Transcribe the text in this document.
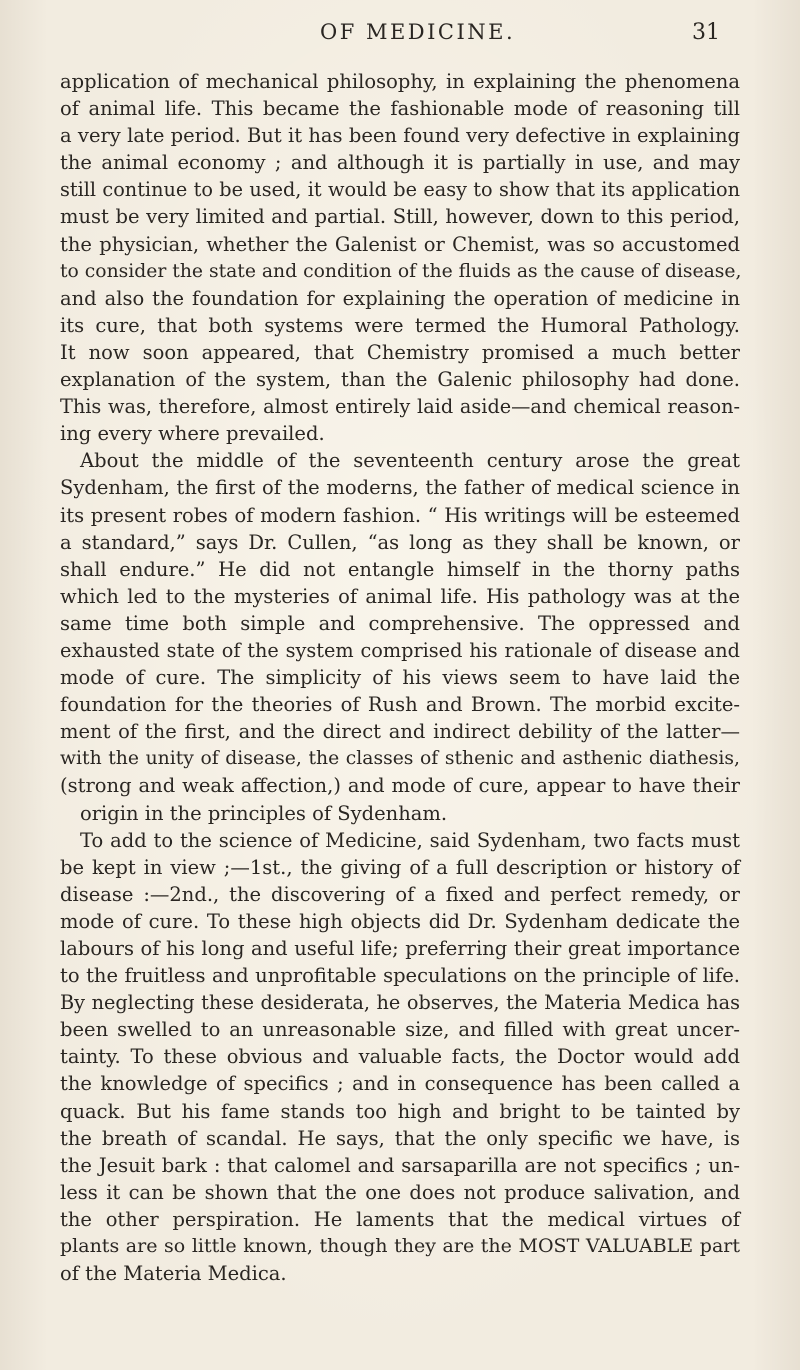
OF MEDICINE.	31

application of mechanical philosophy, in explaining the phenomena
of animal life. This became the fashionable mode of reasoning till
a very late period. But it has been found very defective in explaining
the animal economy ; and although it is partially in use, and may
still continue to be used, it would be easy to show that its application
must be very limited and partial. Still, however, down to this period,
the physician, whether the Galenist or Chemist, was so accustomed
to consider the state and condition of the fluids as the cause of disease,
and also the foundation for explaining the operation of medicine in
its cure, that both systems were termed the Humoral Pathology.
It now soon appeared, that Chemistry promised a much better
explanation of the system, than the Galenic philosophy had done.
This was, therefore, almost entirely laid aside—and chemical reason-
ing every where prevailed.

About the middle of the seventeenth century arose the great
Sydenham, the first of the moderns, the father of medical science in
its present robes of modern fashion. “ His writings will be esteemed
a standard,” says Dr. Cullen, “as long as they shall be known, or
shall endure.” He did not entangle himself in the thorny paths
which led to the mysteries of animal life. His pathology was at the
same time both simple and comprehensive. The oppressed and
exhausted state of the system comprised his rationale of disease and
mode of cure. The simplicity of his views seem to have laid the
foundation for the theories of Rush and Brown. The morbid excite-
ment of the first, and the direct and indirect debility of the latter—
with the unity of disease, the classes of sthenic and asthenic diathesis,
(strong and weak affection,) and mode of cure, appear to have their
origin in the principles of Sydenham.

To add to the science of Medicine, said Sydenham, two facts must
be kept in view ;—1st., the giving of a full description or history of
disease :—2nd., the discovering of a fixed and perfect remedy, or
mode of cure. To these high objects did Dr. Sydenham dedicate the
labours of his long and useful life; preferring their great importance
to the fruitless and unprofitable speculations on the principle of life.
By neglecting these desiderata, he observes, the Materia Medica has
been swelled to an unreasonable size, and filled with great uncer-
tainty. To these obvious and valuable facts, the Doctor would add
the knowledge of specifics ; and in consequence has been called a
quack. But his fame stands too high and bright to be tainted by
the breath of scandal. He says, that the only specific we have, is
the Jesuit bark : that calomel and sarsaparilla are not specifics ; un-
less it can be shown that the one does not produce salivation, and
the other perspiration. He laments that the medical virtues of
plants are so little known, though they are the MOST VALUABLE part
of the Materia Medica.
